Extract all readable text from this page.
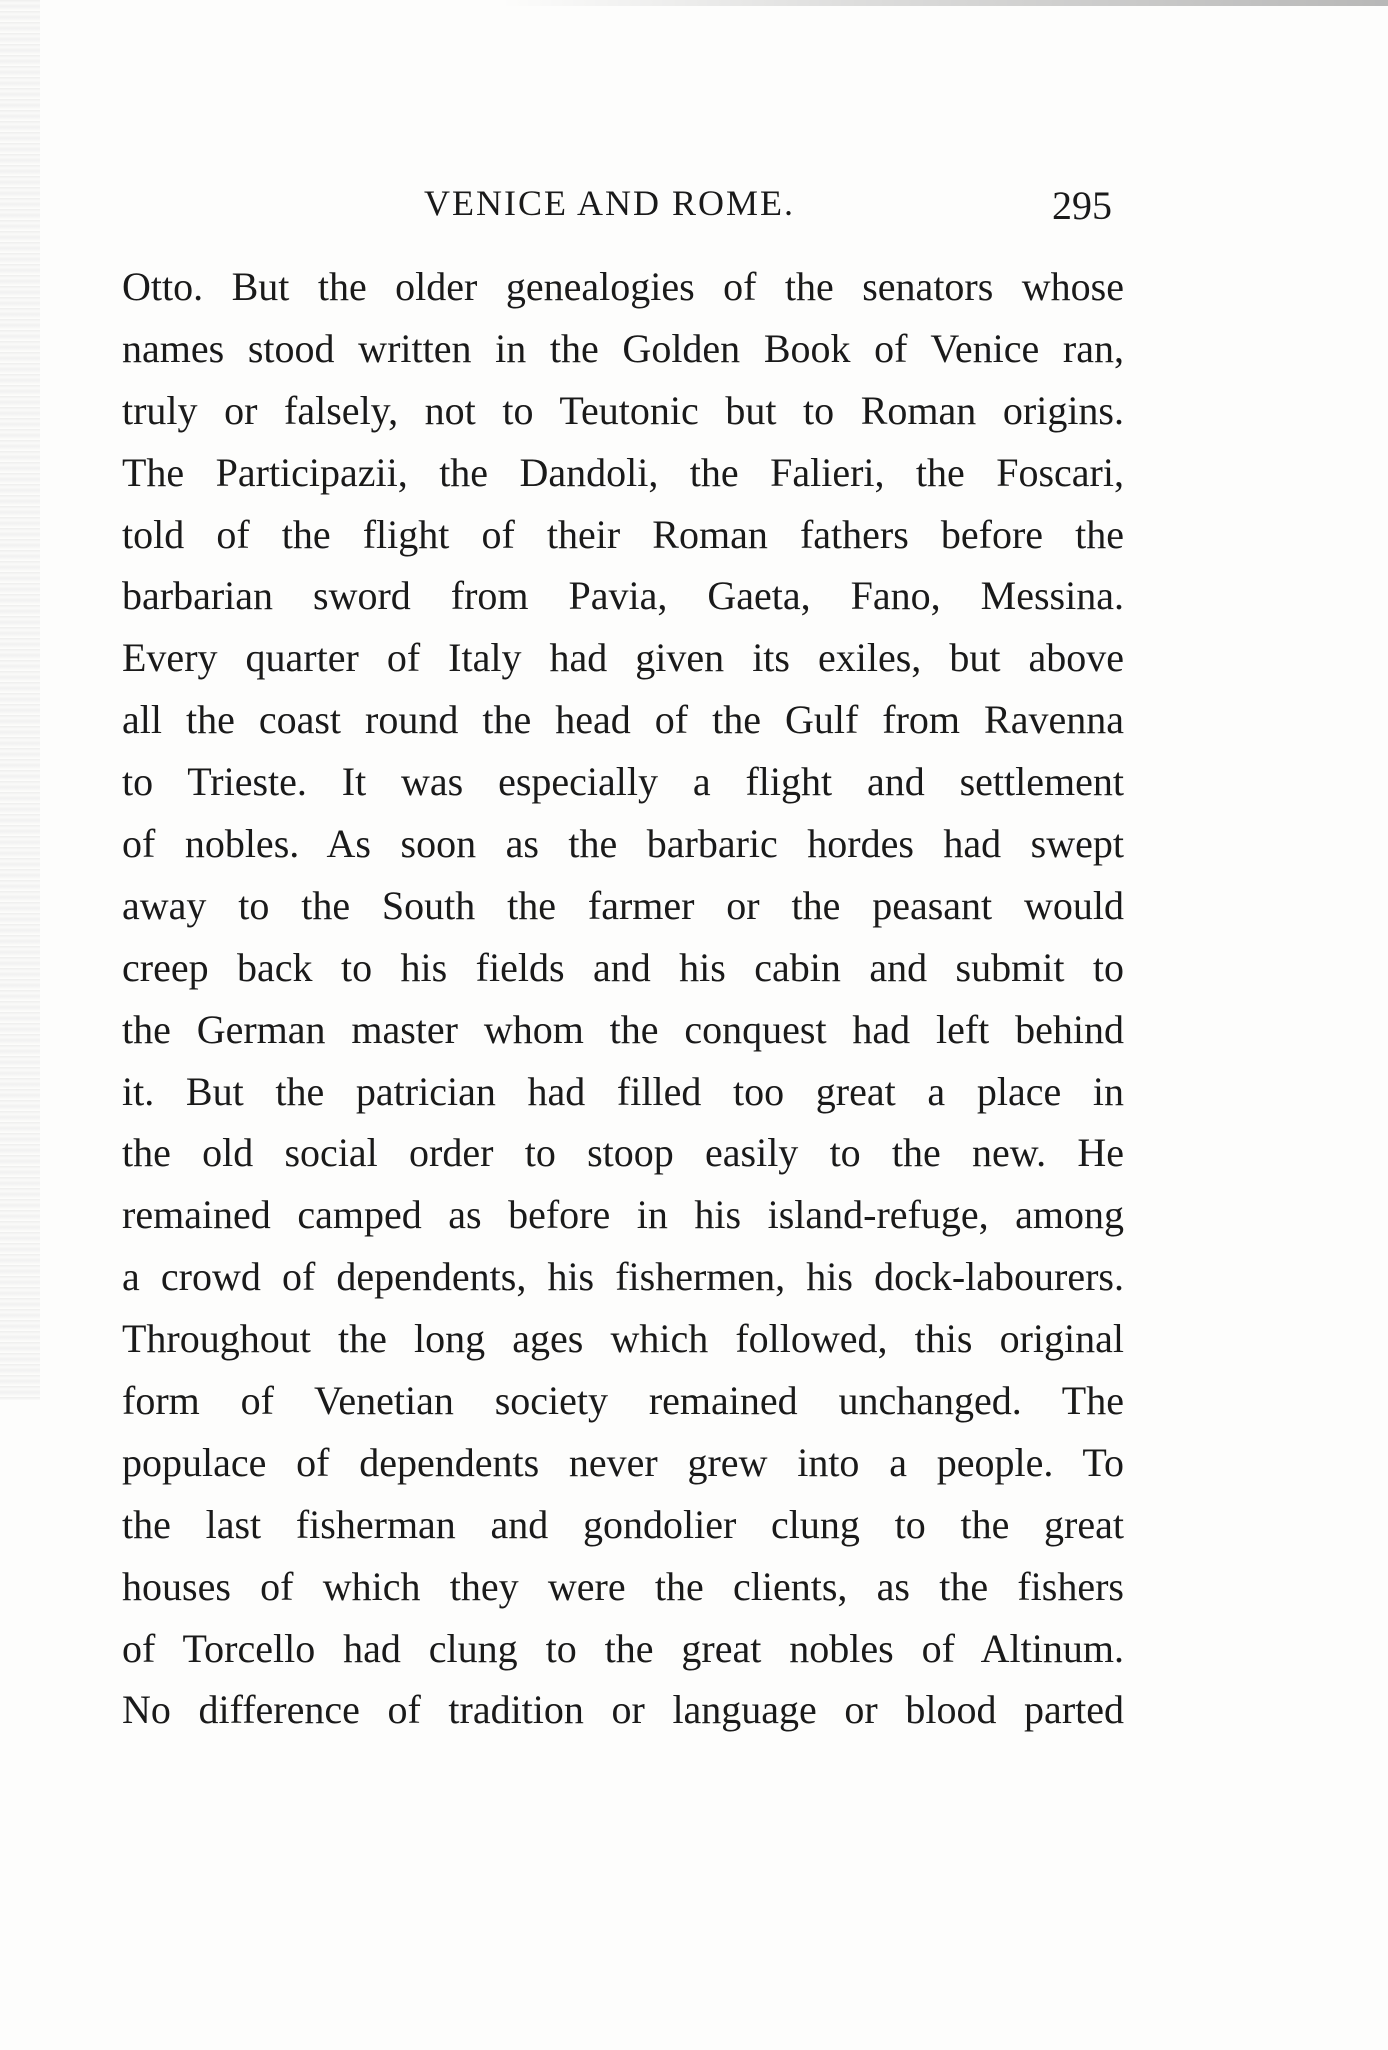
VENICE AND ROME.	295
Otto. But the older genealogies of the senators whose
names stood written in the Golden Book of Venice ran,
truly or falsely, not to Teutonic but to Roman origins.
The Participazii, the Dandoli, the Falieri, the Foscari,
told of the flight of their Roman fathers before the
barbarian sword from Pavia, Gaeta, Fano, Messina.
Every quarter of Italy had given its exiles, but above
all the coast round the head of the Gulf from Ravenna
to Trieste. It was especially a flight and settlement
of nobles. As soon as the barbaric hordes had swept
away to the South the farmer or the peasant would
creep back to his fields and his cabin and submit to
the German master whom the conquest had left behind
it. But the patrician had filled too great a place in
the old social order to stoop easily to the new. He
remained camped as before in his island-refuge, among
a crowd of dependents, his fishermen, his dock-labourers.
Throughout the long ages which followed, this original
form of Venetian society remained unchanged. The
populace of dependents never grew into a people. To
the last fisherman and gondolier clung to the great
houses of which they were the clients, as the fishers
of Torcello had clung to the great nobles of Altinum.
No difference of tradition or language or blood parted
